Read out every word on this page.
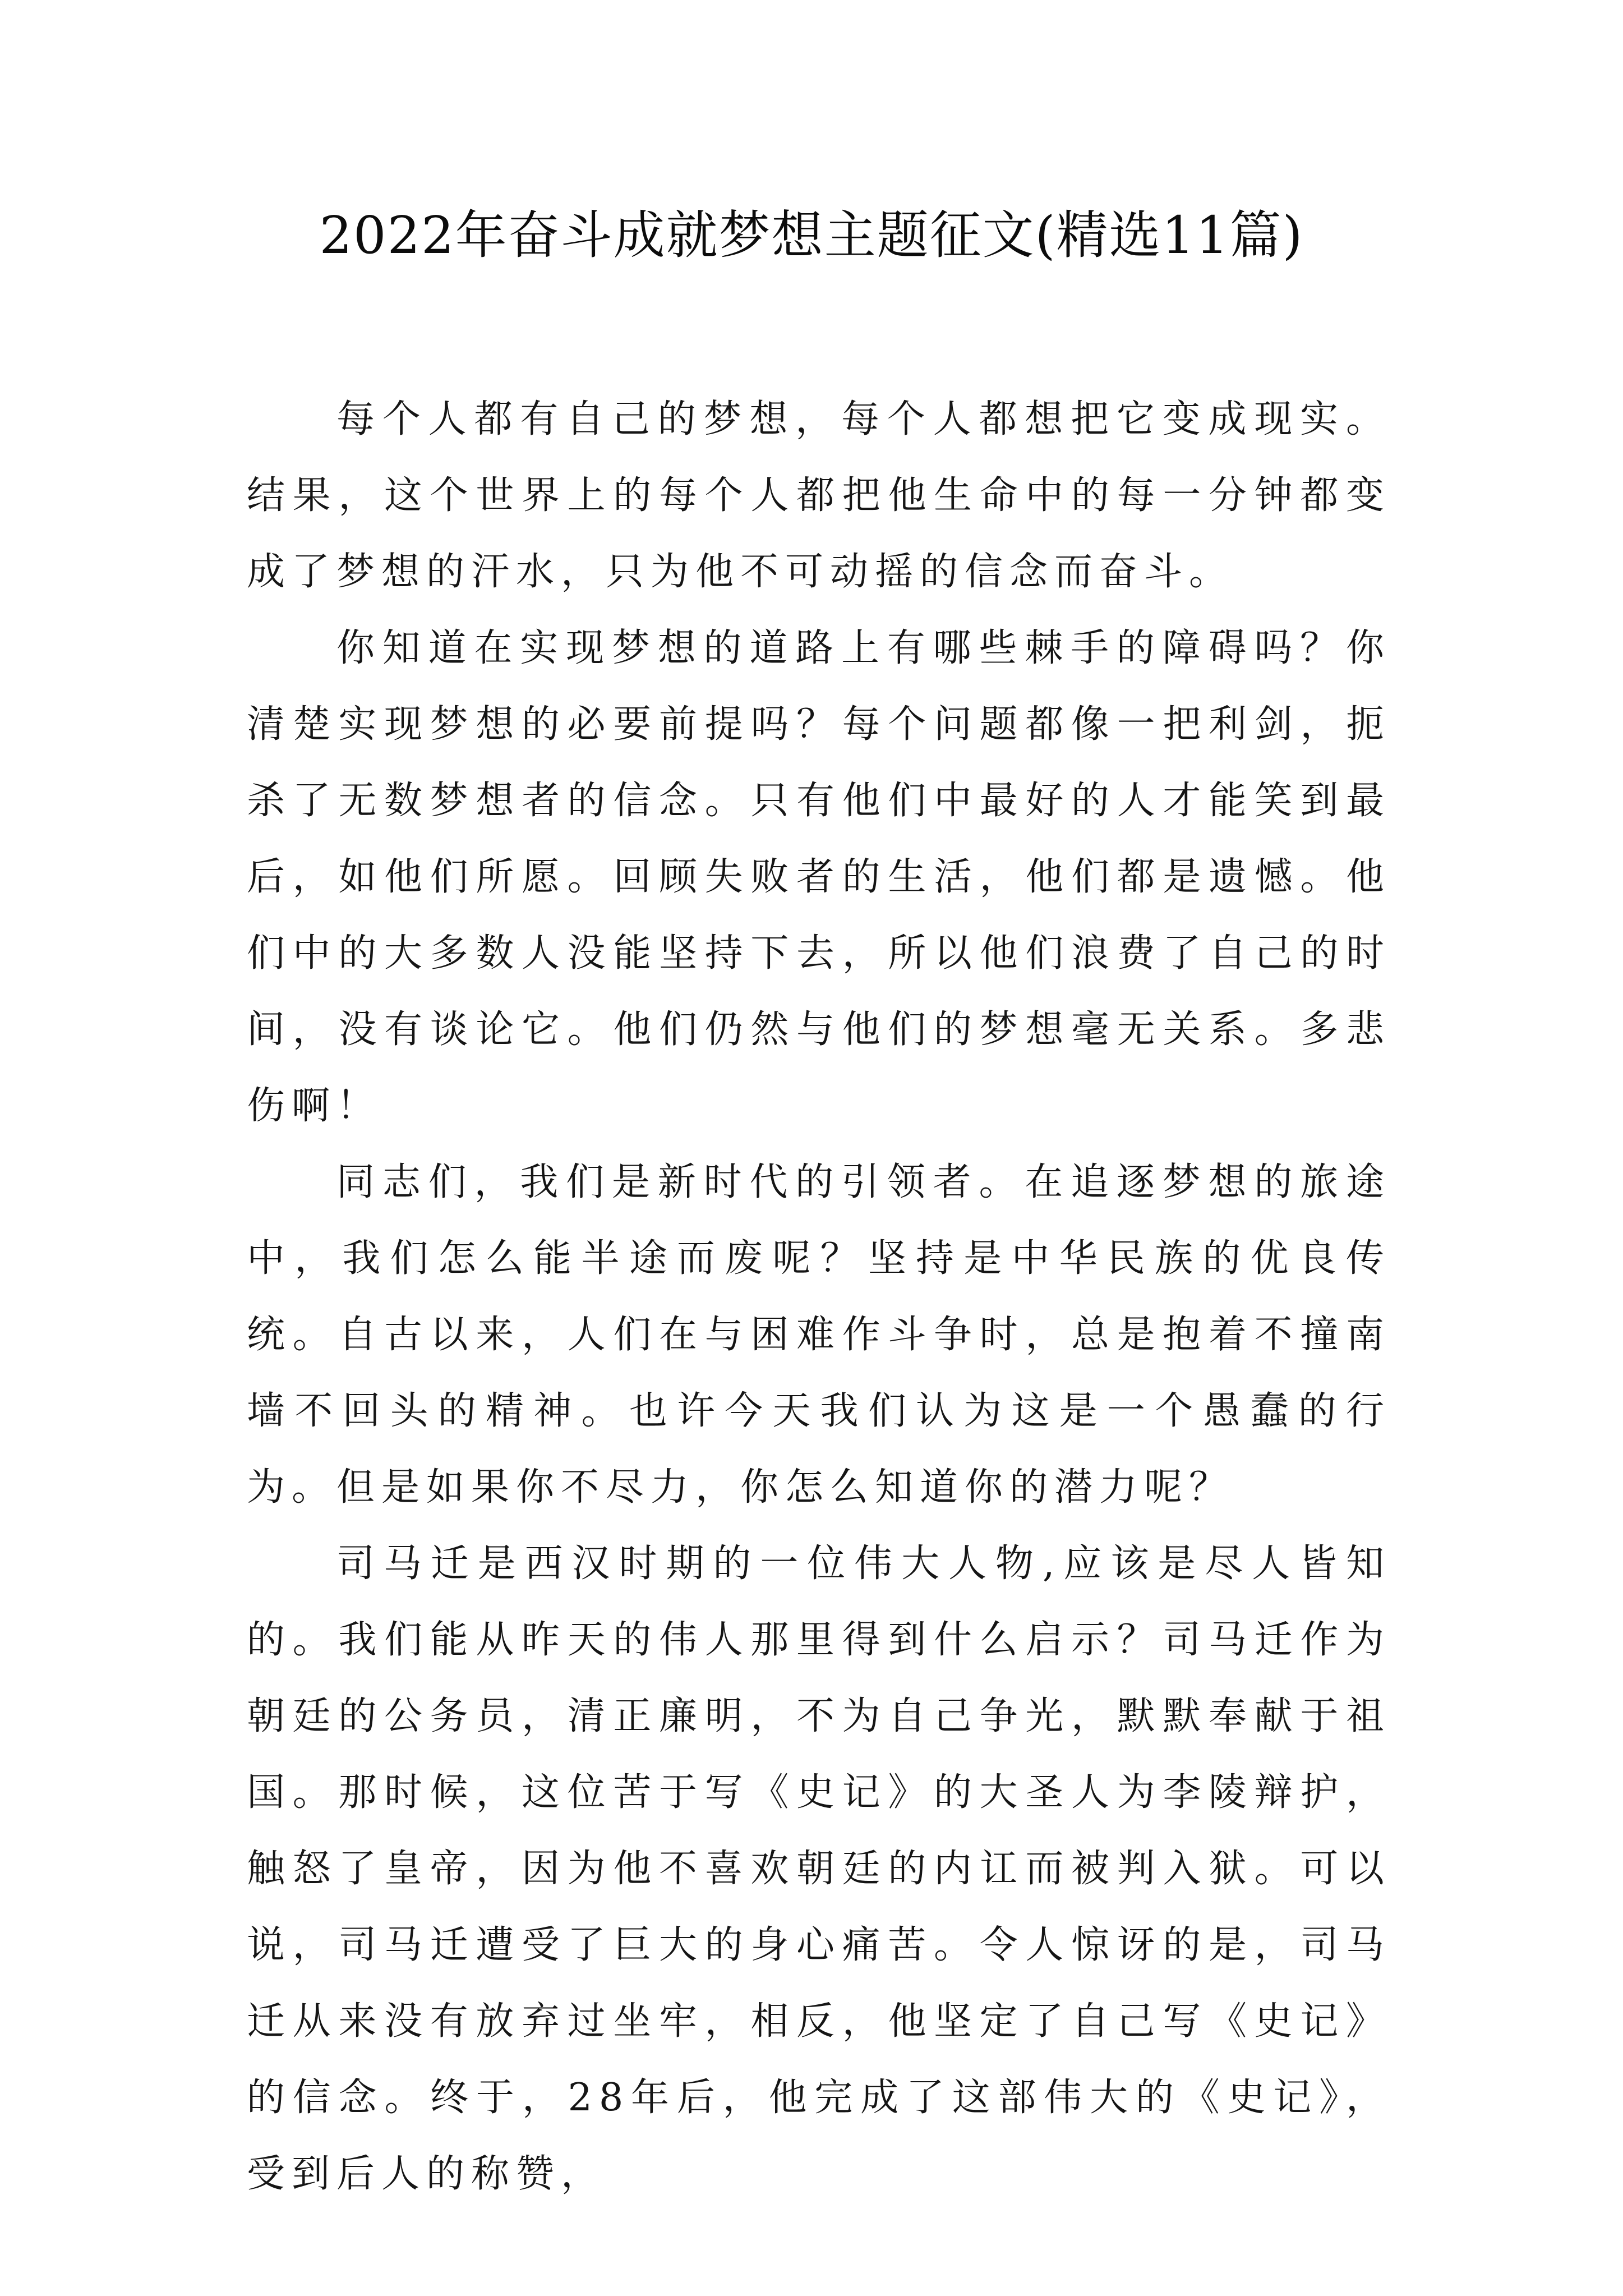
2022年奋斗成就梦想主题征文(精选11篇)

每个人都有自己的梦想，每个人都想把它变成现实。结果，这个世界上的每个人都把他生命中的每一分钟都变成了梦想的汗水，只为他不可动摇的信念而奋斗。

你知道在实现梦想的道路上有哪些棘手的障碍吗？你清楚实现梦想的必要前提吗？每个问题都像一把利剑，扼杀了无数梦想者的信念。只有他们中最好的人才能笑到最后，如他们所愿。回顾失败者的生活，他们都是遗憾。他们中的大多数人没能坚持下去，所以他们浪费了自己的时间，没有谈论它。他们仍然与他们的梦想毫无关系。多悲伤啊！

同志们，我们是新时代的引领者。在追逐梦想的旅途中，我们怎么能半途而废呢？坚持是中华民族的优良传统。自古以来，人们在与困难作斗争时，总是抱着不撞南墙不回头的精神。也许今天我们认为这是一个愚蠢的行为。但是如果你不尽力，你怎么知道你的潜力呢？

司马迁是西汉时期的一位伟大人物,应该是尽人皆知的。我们能从昨天的伟人那里得到什么启示？司马迁作为朝廷的公务员，清正廉明，不为自己争光，默默奉献于祖国。那时候，这位苦于写《史记》的大圣人为李陵辩护，触怒了皇帝，因为他不喜欢朝廷的内讧而被判入狱。可以说，司马迁遭受了巨大的身心痛苦。令人惊讶的是，司马迁从来没有放弃过坐牢，相反，他坚定了自己写《史记》的信念。终于，28年后，他完成了这部伟大的《史记》，受到后人的称赞，
